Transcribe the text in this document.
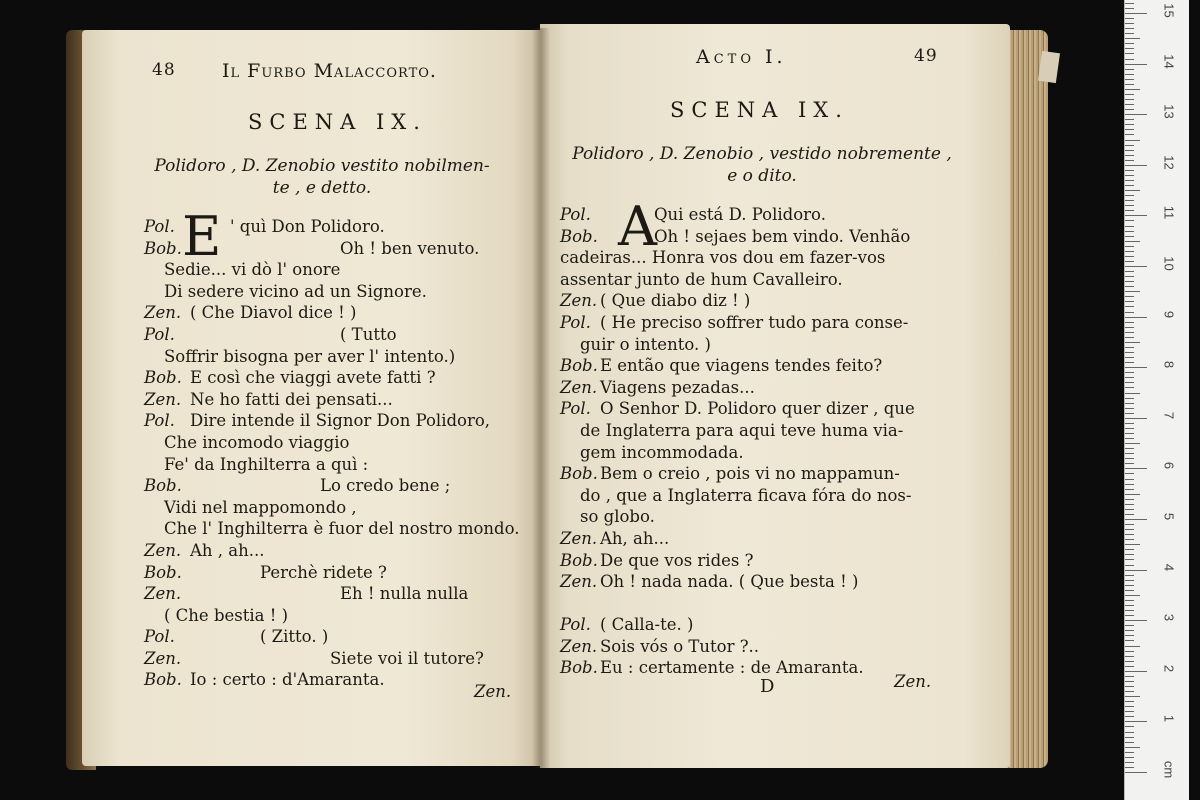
48 Il Furbo Malaccorto.
SCENA IX.
Polidoro , D. Zenobio vestito nobilmen-
te , e detto.
E
Pol.	' quì Don Polidoro.
Bob.	Oh ! ben venuto.
Sedie... vi dò l' onore
Di sedere vicino ad un Signore.
Zen. ( Che Diavol dice ! )
Pol.	( Tutto
Soffrir bisogna per aver l' intento.)
Bob. E così che viaggi avete fatti ?
Zen. Ne ho fatti dei pensati...
Pol. Dire intende il Signor Don Polidoro,
Che incomodo viaggio
Fe' da Inghilterra a quì :
Bob.	Lo credo bene ;
Vidi nel mappomondo ,
Che l' Inghilterra è fuor del nostro mondo.
Zen. Ah , ah...
Bob.	Perchè ridete ?
Zen.	Eh ! nulla nulla
( Che bestia ! )
Pol.	( Zitto. )
Zen.	Siete voi il tutore?
Bob. Io : certo : d'Amaranta.
Zen.
Acto I.	49
SCENA IX.
Polidoro , D. Zenobio , vestido nobremente ,
e o dito.
A
Pol.	Qui está D. Polidoro.
Bob.	Oh ! sejaes bem vindo. Venhão
cadeiras... Honra vos dou em fazer-vos
assentar junto de hum Cavalleiro.
Zen. ( Que diabo diz ! )
Pol. ( He preciso soffrer tudo para conse-
guir o intento. )
Bob. E então que viagens tendes feito?
Zen. Viagens pezadas...
Pol. O Senhor D. Polidoro quer dizer , que
de Inglaterra para aqui teve huma via-
gem incommodada.
Bob. Bem o creio , pois vi no mappamun-
do , que a Inglaterra ficava fóra do nos-
so globo.
Zen. Ah, ah...
Bob. De que vos rides ?
Zen. Oh ! nada nada. ( Que besta ! )
Pol. ( Calla-te. )
Zen. Sois vós o Tutor ?..
Bob. Eu : certamente : de Amaranta.
D	Zen.
cm
1
2
3
4
5
6
7
8
9
10
11
12
13
14
15
